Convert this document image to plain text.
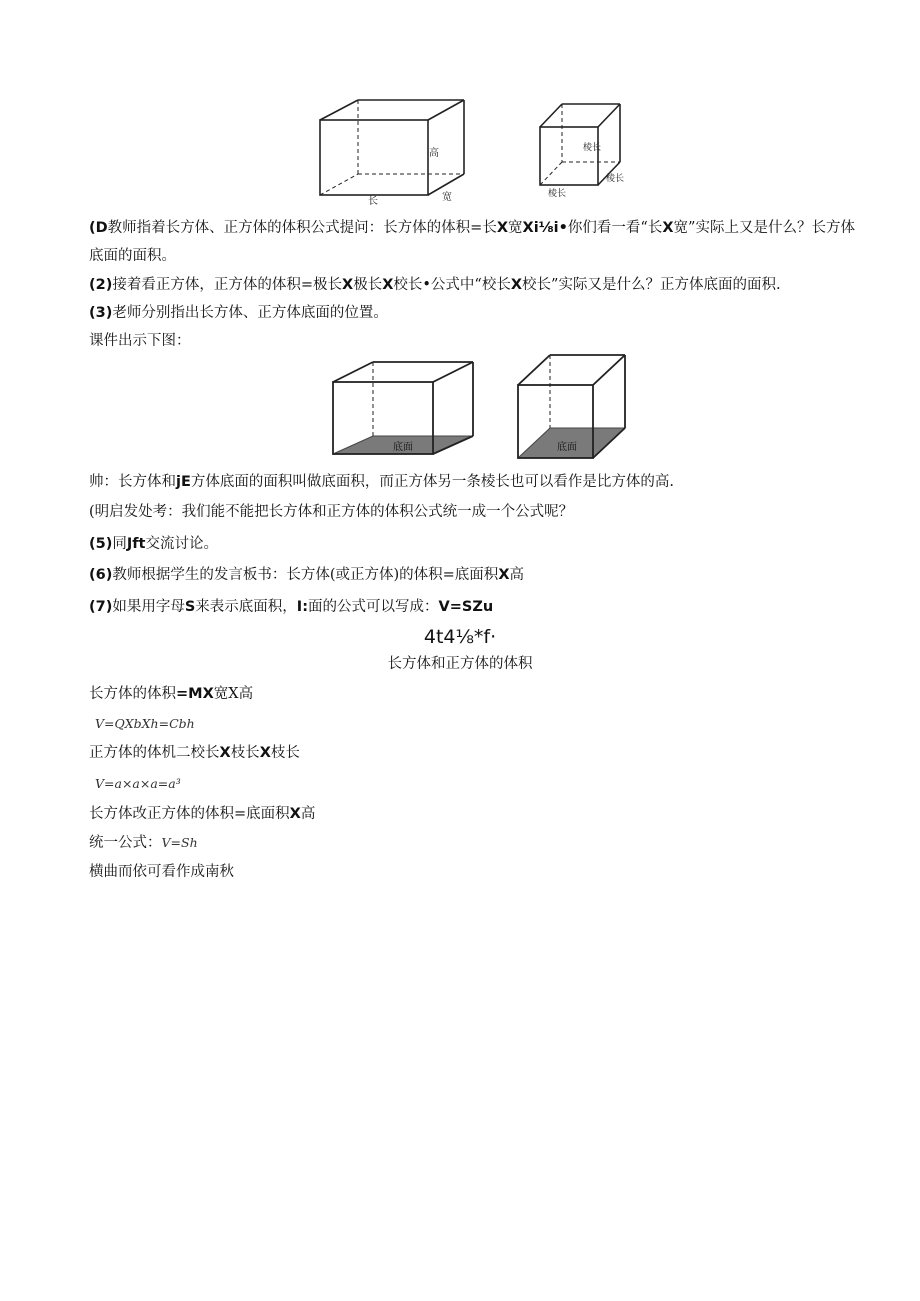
高
长	宽
棱长
棱长
棱长
(D教师指着长方体、正方体的体积公式提问：长方体的体积=长X宽Xi⅛i•你们看一看“长X宽”实际上又是什么？长方体底面的面积。
(2)接着看正方体，正方体的体积=极长X极长X校长•公式中“校长X校长”实际又是什么？正方体底面的面积.
(3)老师分别指出长方体、正方体底面的位置。
课件出示下图：
底面	底面
帅：长方体和jE方体底面的面积叫做底面积，而正方体另一条棱长也可以看作是比方体的高.
(明启发处考：我们能不能把长方体和正方体的体积公式统一成一个公式呢？
(5)同Jft交流讨论。
(6)教师根据学生的发言板书：长方体(或正方体)的体积=底面积X高
(7)如果用字母S来表示底面积，I:面的公式可以写成：V=SZu
4t4⅛*f·
长方体和正方体的体积
长方体的体积=MX宽X高
V=QXbXh=Cbh
正方体的体机二校长X枝长X枝长
V=a×a×a=a³
长方体改正方体的体积=底面积X高
统一公式：V=Sh
横曲而依可看作成南秋
